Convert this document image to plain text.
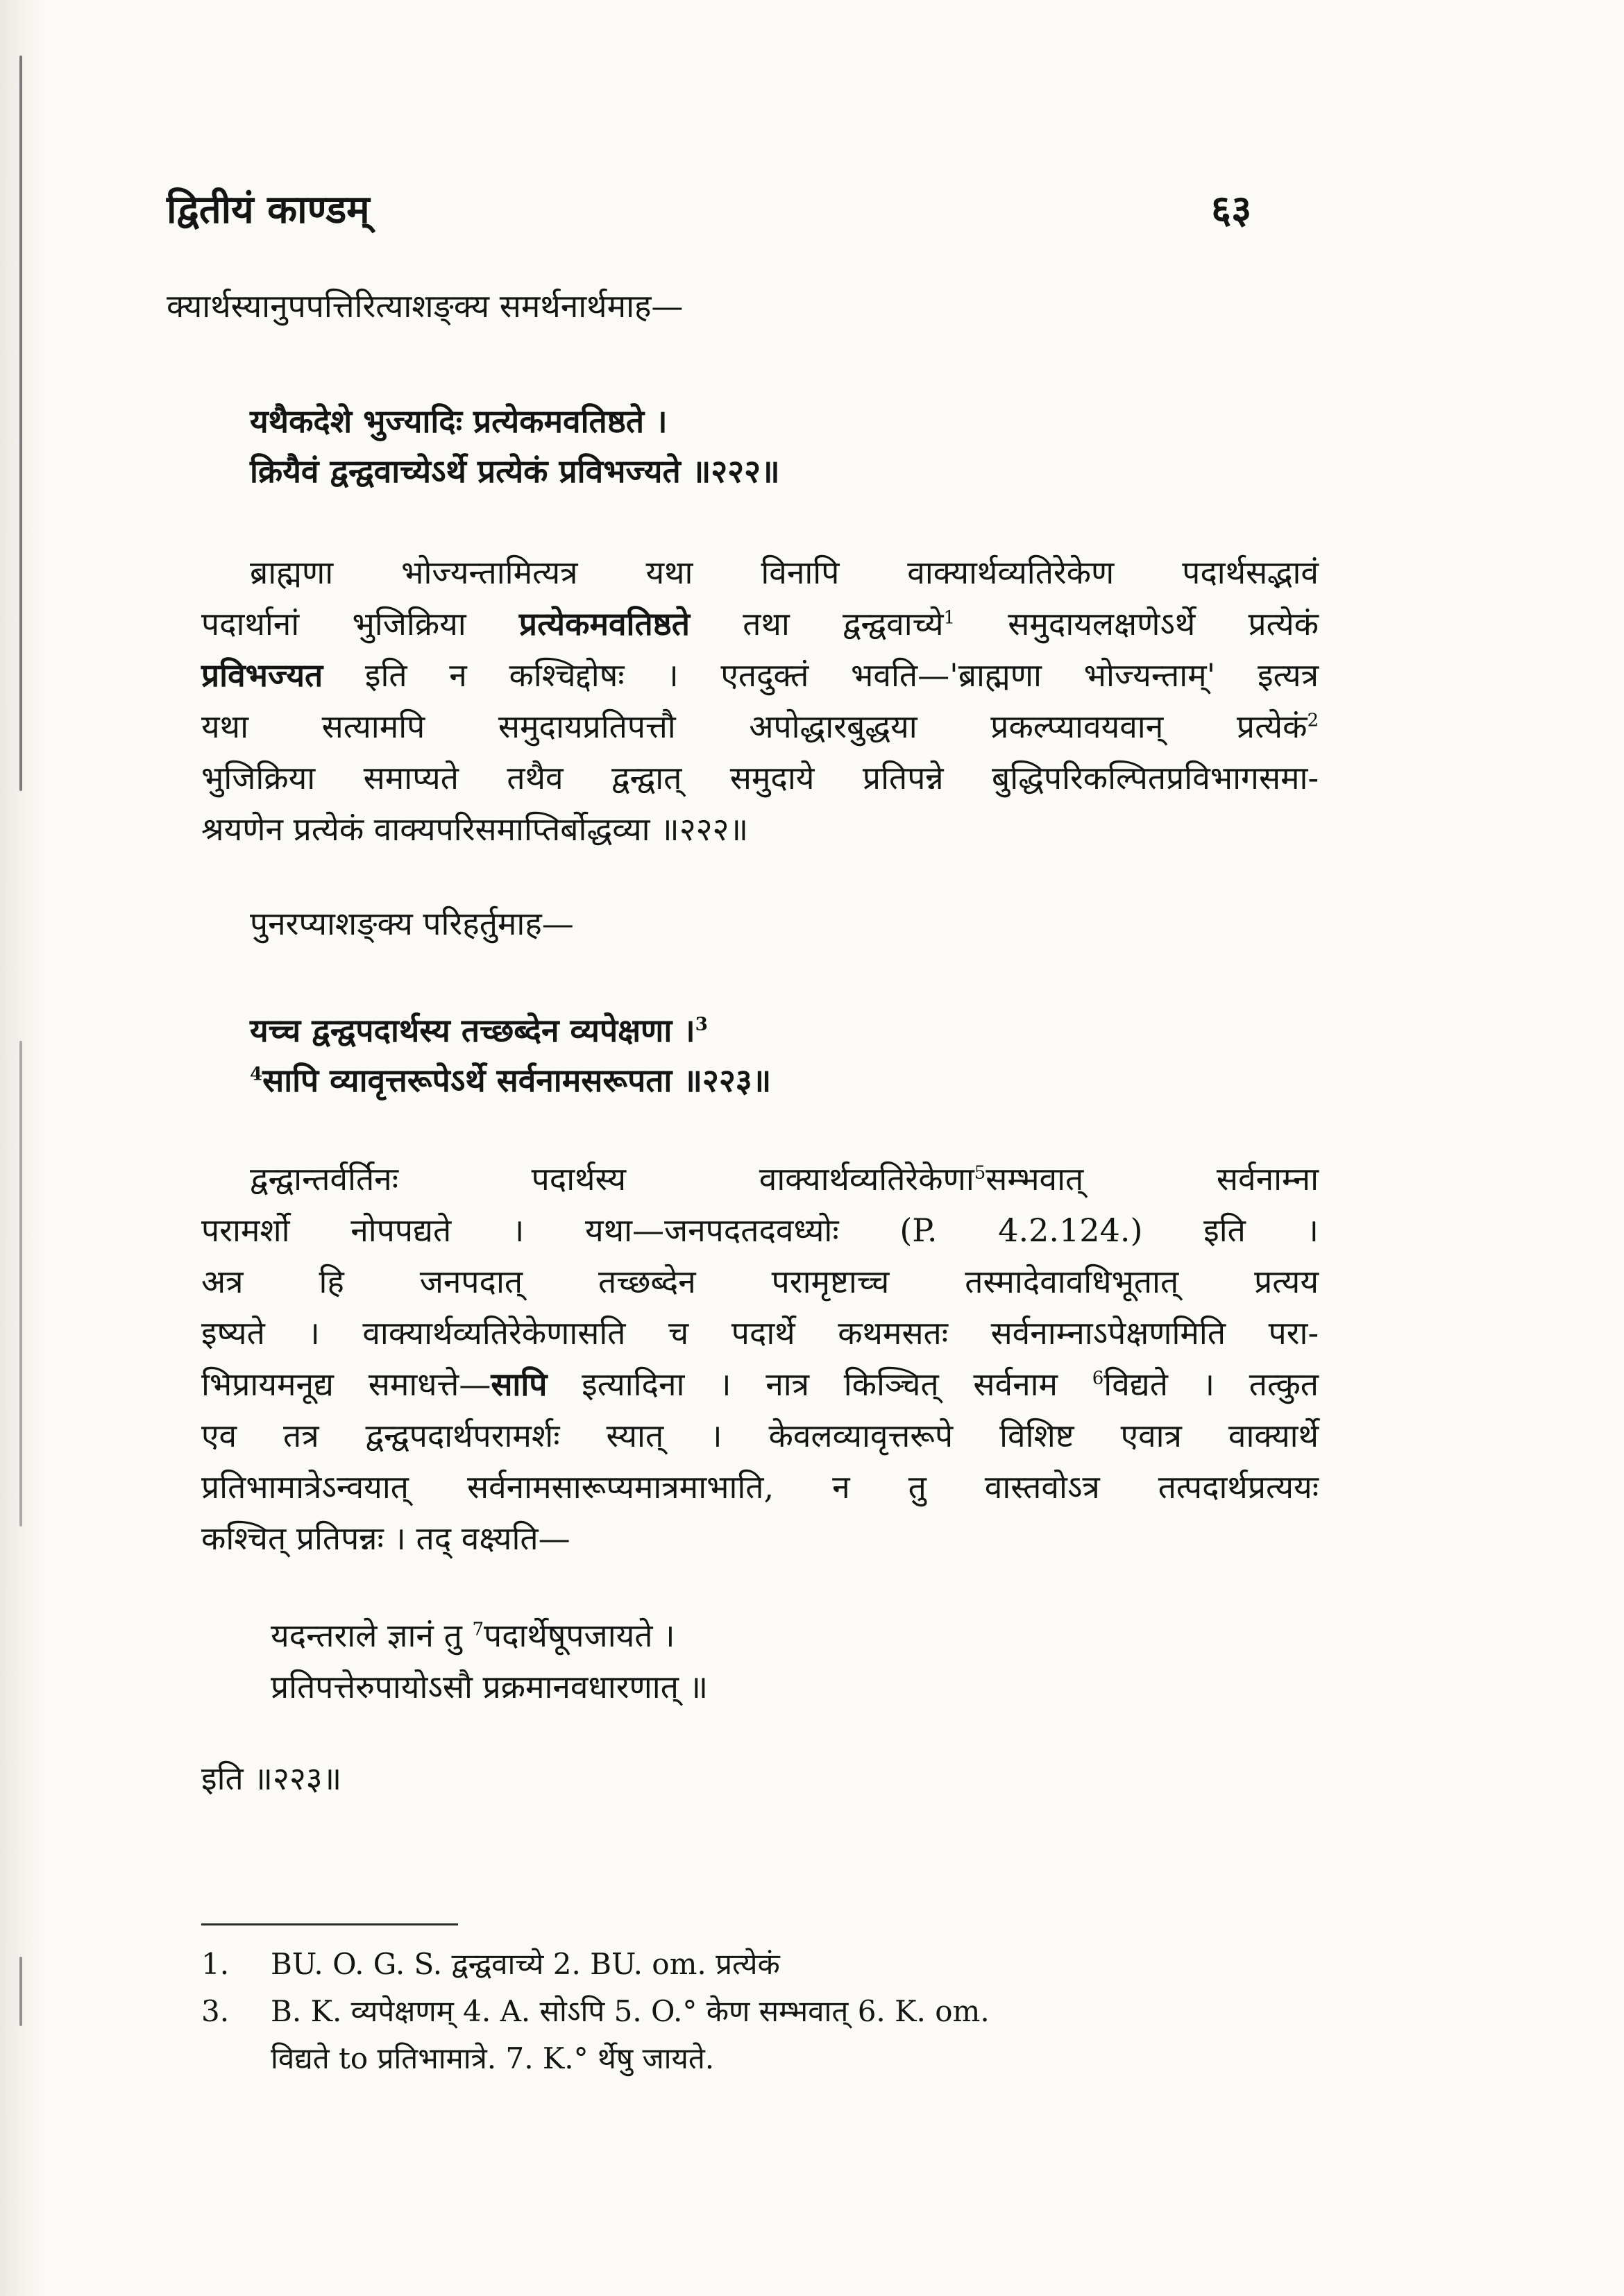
द्वितीयं काण्डम्	६३

क्यार्थस्यानुपपत्तिरित्याशङ्क्य समर्थनार्थमाह—

यथैकदेशे भुज्यादिः प्रत्येकमवतिष्ठते ।

क्रियैवं द्वन्द्ववाच्येऽर्थे प्रत्येकं प्रविभज्यते ॥२२२॥

ब्राह्मणा भोज्यन्तामित्यत्र यथा विनापि वाक्यार्थव्यतिरेकेण पदार्थसद्भावं

पदार्थानां भुजिक्रिया प्रत्येकमवतिष्ठते तथा द्वन्द्ववाच्ये$^1$ समुदायलक्षणेऽर्थे प्रत्येकं

प्रविभज्यत इति न कश्चिद्दोषः । एतदुक्तं भवति—'ब्राह्मणा भोज्यन्ताम्' इत्यत्र

यथा सत्यामपि समुदायप्रतिपत्तौ अपोद्धारबुद्धया प्रकल्प्यावयवान् प्रत्येकं$^2$

भुजिक्रिया समाप्यते तथैव द्वन्द्वात् समुदाये प्रतिपन्ने बुद्धिपरिकल्पितप्रविभागसमा-

श्रयणेन प्रत्येकं वाक्यपरिसमाप्तिर्बोद्धव्या ॥२२२॥

पुनरप्याशङ्क्य परिहर्तुमाह—

यच्च द्वन्द्वपदार्थस्य तच्छब्देन व्यपेक्षणा ।$^3$

$^4$सापि व्यावृत्तरूपेऽर्थे सर्वनामसरूपता ॥२२३॥

द्वन्द्वान्तर्वर्तिनः पदार्थस्य वाक्यार्थव्यतिरेकेणा$^5$सम्भवात् सर्वनाम्ना

परामर्शो नोपपद्यते । यथा—जनपदतदवध्योः (P. 4.2.124.) इति ।

अत्र हि जनपदात् तच्छब्देन परामृष्टाच्च तस्मादेवावधिभूतात् प्रत्यय

इष्यते । वाक्यार्थव्यतिरेकेणासति च पदार्थे कथमसतः सर्वनाम्नाऽपेक्षणमिति परा-

भिप्रायमनूद्य समाधत्ते—सापि इत्यादिना । नात्र किञ्चित् सर्वनाम $^6$विद्यते । तत्कुत

एव तत्र द्वन्द्वपदार्थपरामर्शः स्यात् । केवलव्यावृत्तरूपे विशिष्ट एवात्र वाक्यार्थे

प्रतिभामात्रेऽन्वयात् सर्वनामसारूप्यमात्रमाभाति, न तु वास्तवोऽत्र तत्पदार्थप्रत्ययः

कश्चित् प्रतिपन्नः । तद् वक्ष्यति—

यदन्तराले ज्ञानं तु $^7$पदार्थेषूपजायते ।

प्रतिपत्तेरुपायोऽसौ प्रक्रमानवधारणात् ॥

इति ॥२२३॥

1. BU. O. G. S. द्वन्द्ववाच्ये 2. BU. om. प्रत्येकं

3. B. K. व्यपेक्षणम् 4. A. सोऽपि 5. O.° केण सम्भवात् 6. K. om.

विद्यते to प्रतिभामात्रे. 7. K.° र्थेषु जायते.
